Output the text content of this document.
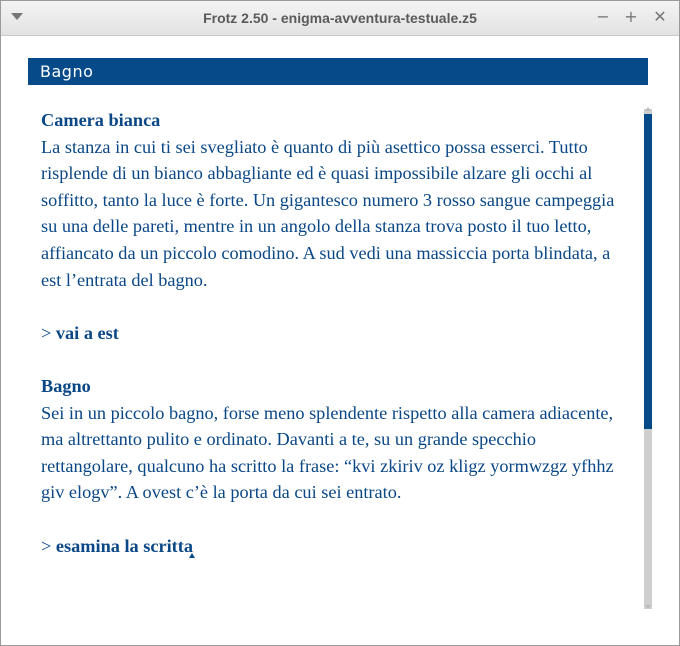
Frotz 2.50 - enigma-avventura-testuale.z5	− + ✕
Bagno

Camera bianca

La stanza in cui ti sei svegliato è quanto di più asettico possa esserci. Tutto risplende di un bianco abbagliante ed è quasi impossibile alzare gli occhi al soffitto, tanto la luce è forte. Un gigantesco numero 3 rosso sangue campeggia su una delle pareti, mentre in un angolo della stanza trova posto il tuo letto, affiancato da un piccolo comodino. A sud vedi una massiccia porta blindata, a est l’entrata del bagno.

> vai a est

Bagno

Sei in un piccolo bagno, forse meno splendente rispetto alla camera adiacente, ma altrettanto pulito e ordinato. Davanti a te, su un grande specchio rettangolare, qualcuno ha scritto la frase: “kvi zkiriv oz kligz yormwzgz yfhhz giv elogv”. A ovest c’è la porta da cui sei entrato.

> esamina la scritta
